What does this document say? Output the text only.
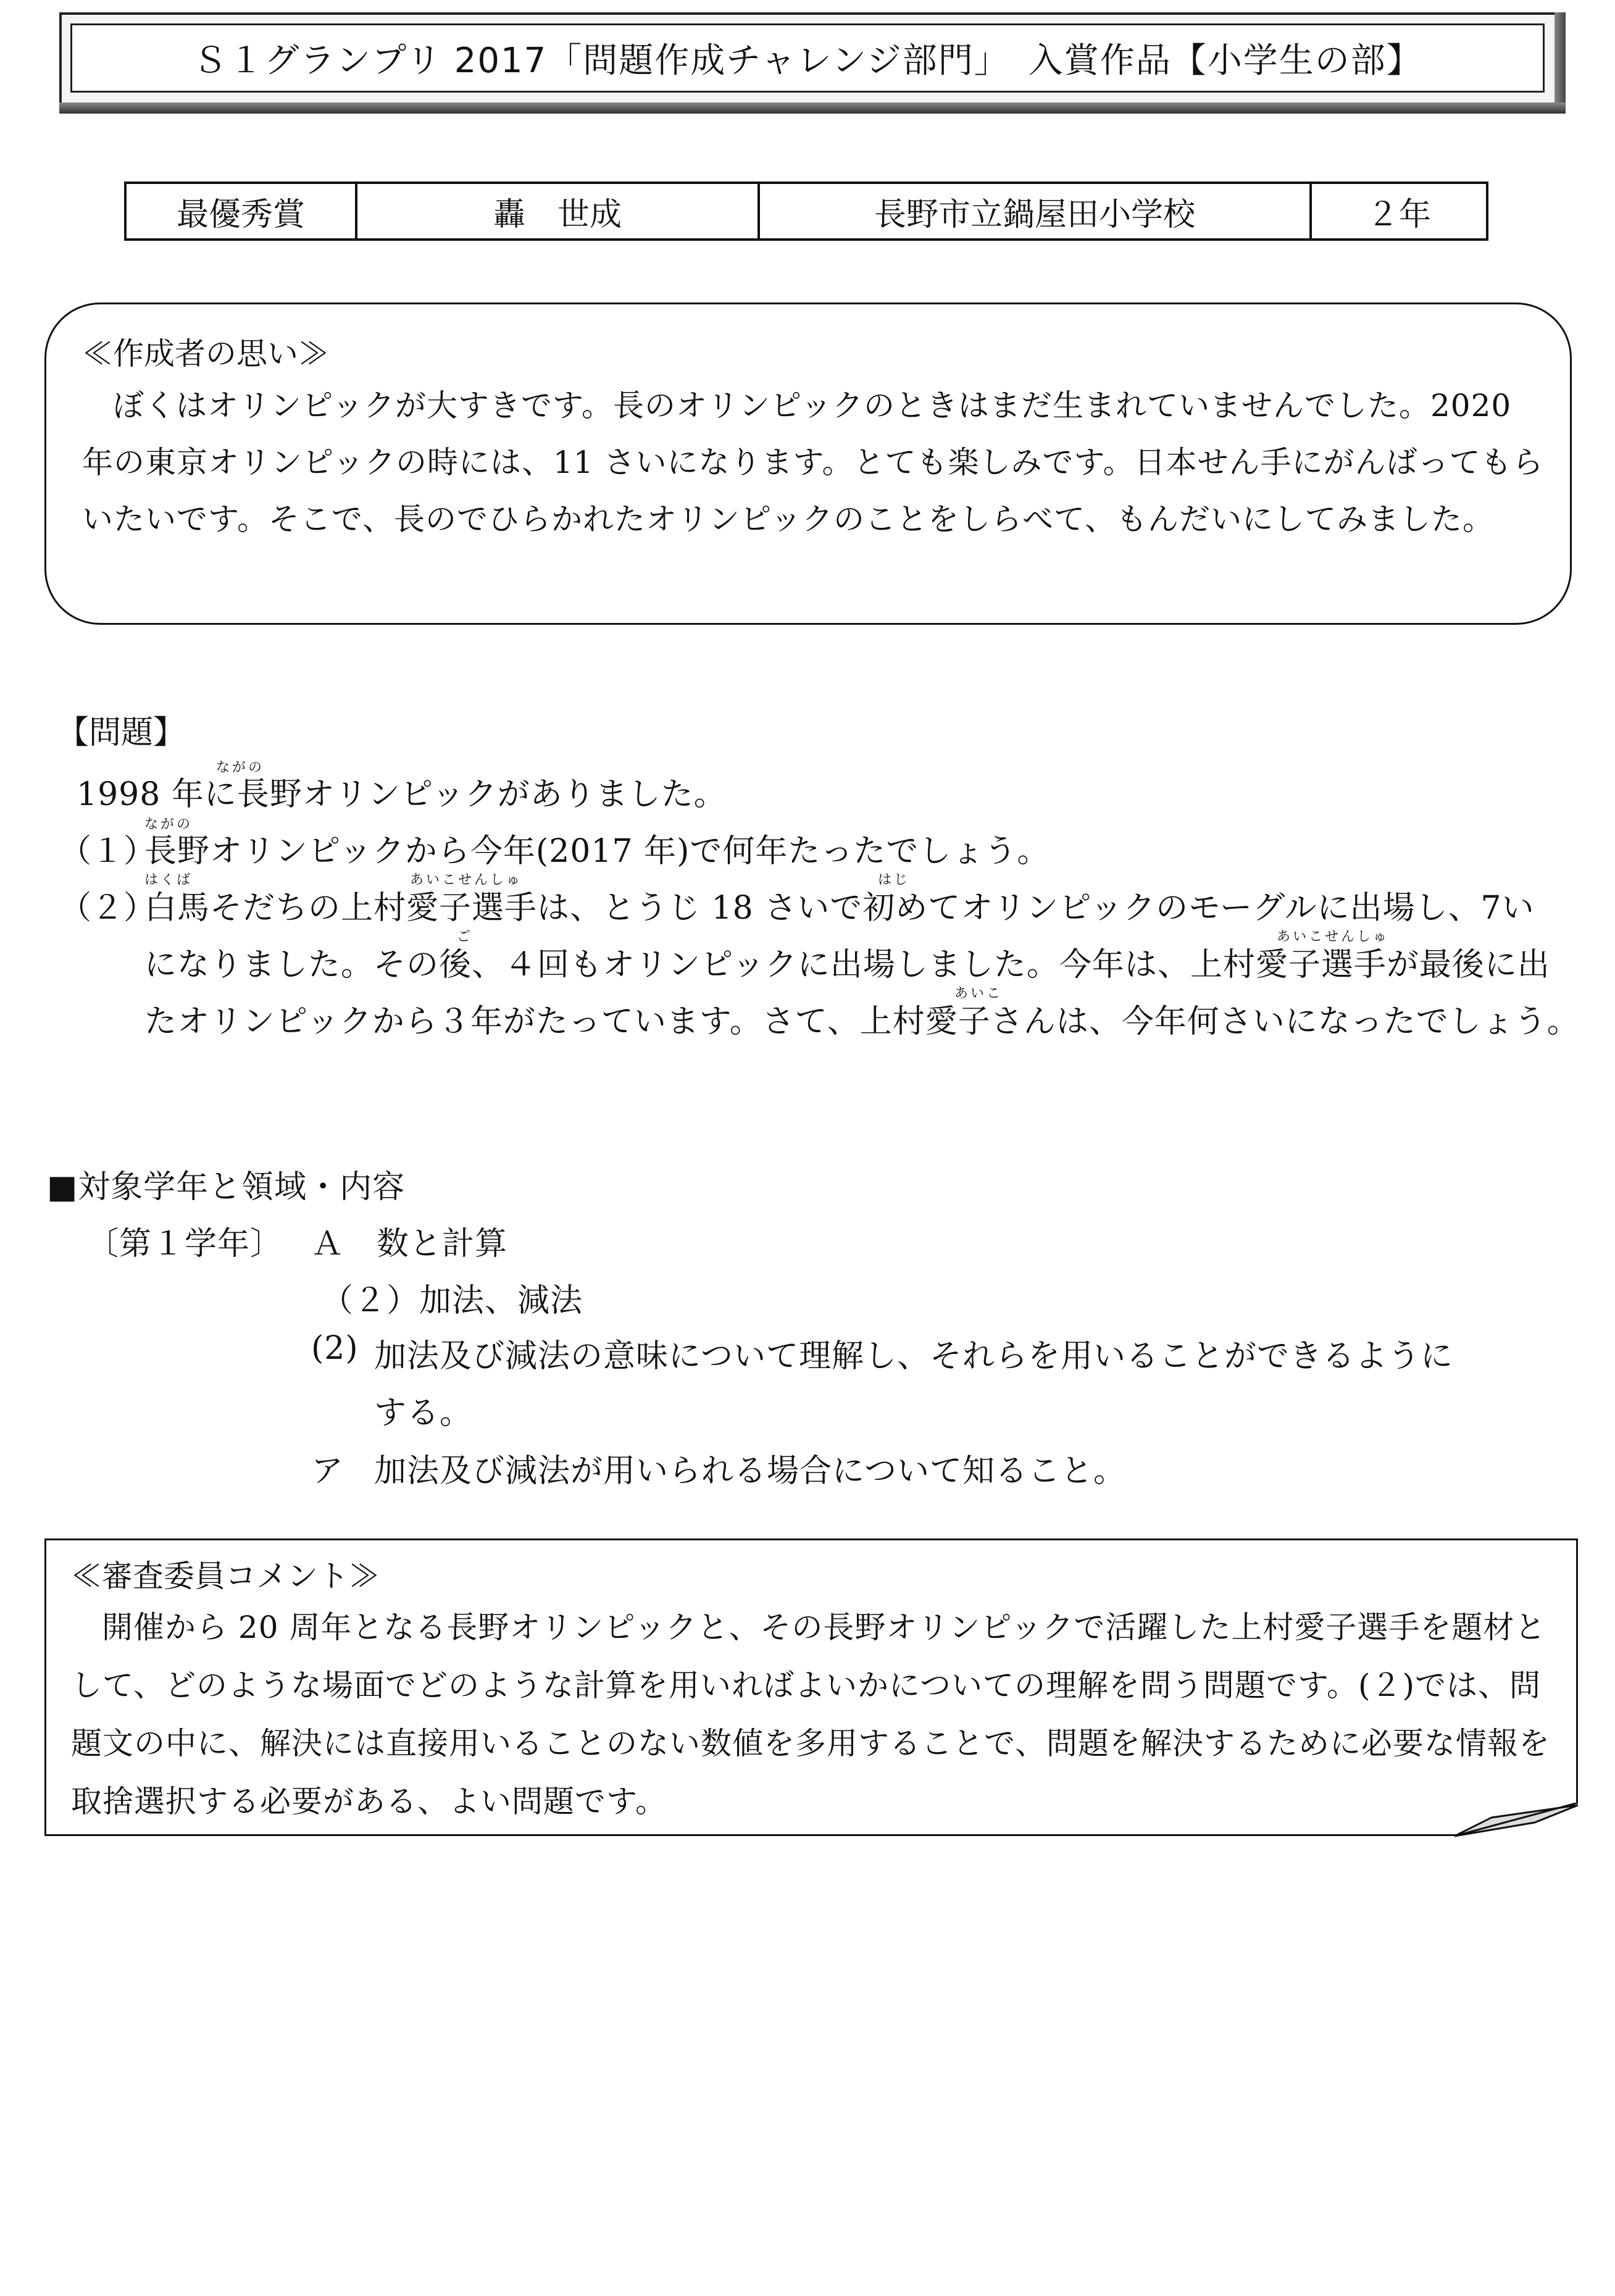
Ｓ１グランプリ 2017「問題作成チャレンジ部門」　入賞作品【小学生の部】
最優秀賞	轟　世成	長野市立鍋屋田小学校	２年
≪作成者の思い≫
ぼくはオリンピックが大すきです。長のオリンピックのときはまだ生まれていませんでした。2020 年の東京オリンピックの時には、11 さいになります。とても楽しみです。日本せん手にがんばってもらいたいです。そこで、長のでひらかれたオリンピックのことをしらべて、もんだいにしてみました。
【問題】
ながの
1998 年に長野オリンピックがありました。
（１）
ながの
長野オリンピックから今年(2017 年)で何年たったでしょう。
（２）
はくば	あいこせんしゅ	はじ
白馬そだちの上村愛子選手は、とうじ 18 さいで初めてオリンピックのモーグルに出場し、7い
ご	あいこせんしゅ
になりました。その後、４回もオリンピックに出場しました。今年は、上村愛子選手が最後に出
あいこ
たオリンピックから３年がたっています。さて、上村愛子さんは、今年何さいになったでしょう。
■対象学年と領域・内容
〔第１学年〕 Ａ　数と計算
（２）加法、減法
(2) 加法及び減法の意味について理解し、それらを用いることができるように
する。
ア 加法及び減法が用いられる場合について知ること。
≪審査委員コメント≫
開催から 20 周年となる長野オリンピックと、その長野オリンピックで活躍した上村愛子選手を題材として、どのような場面でどのような計算を用いればよいかについての理解を問う問題です。(２)では、問題文の中に、解決には直接用いることのない数値を多用することで、問題を解決するために必要な情報を取捨選択する必要がある、よい問題です。
